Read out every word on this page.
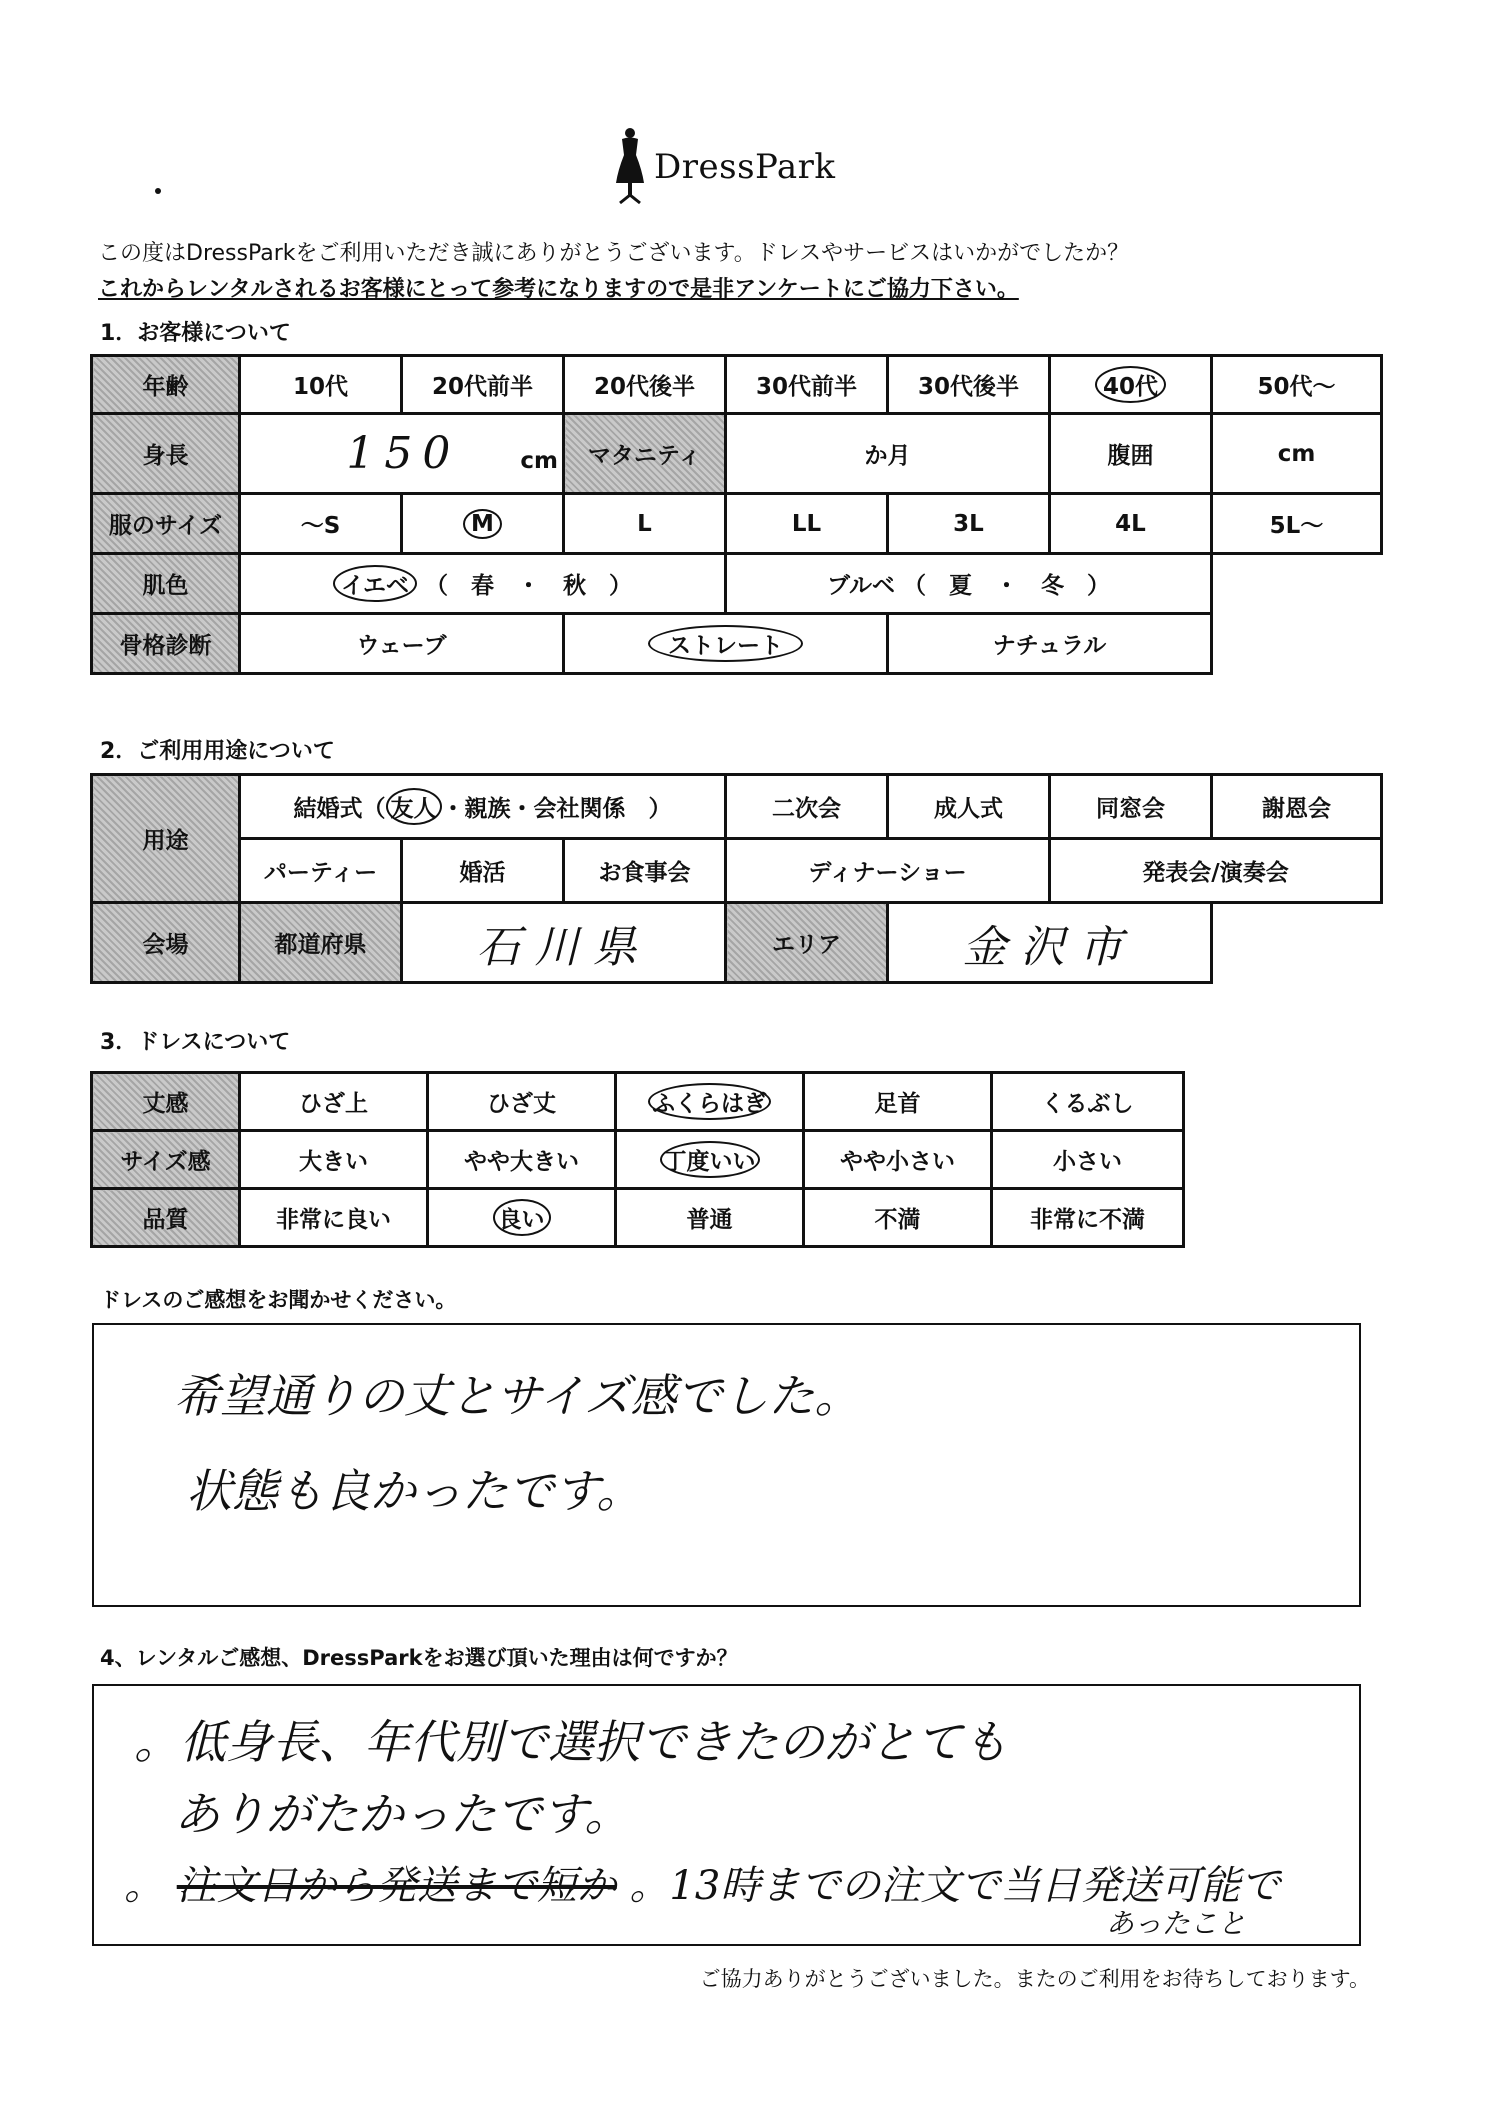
DressPark
この度はDressParkをご利用いただき誠にありがとうございます。ドレスやサービスはいかがでしたか？
これからレンタルされるお客様にとって参考になりますので是非アンケートにご協力下さい。
1．お客様について
年齢	10代	20代前半	20代後半	30代前半	30代後半	40代	50代～
身長	150 cm		マタニティ	か月		腹囲	cm
服のサイズ	～S	M	L	LL	3L	4L	5L～
肌色	イエベ （　春　・　秋　）			ブルベ （　夏　・　冬　）			
骨格診断	ウェーブ		ストレート		ナチュラル		
2．ご利用用途について
用途	結婚式（ 友人 ・親族・会社関係　）			二次会	成人式	同窓会	謝恩会
	パーティー	婚活	お食事会	ディナーショー		発表会/演奏会	
会場	都道府県	石川県		エリア	金沢市		
3．ドレスについて
丈感	ひざ上	ひざ丈	ふくらはぎ	足首	くるぶし
サイズ感	大きい	やや大きい	丁度いい	やや小さい	小さい
品質	非常に良い	良い	普通	不満	非常に不満
ドレスのご感想をお聞かせください。
希望通りの丈とサイズ感でした。
状態も良かったです。
4、レンタルご感想、DressParkをお選び頂いた理由は何ですか？
。低身長、年代別で選択できたのがとても
ありがたかったです。
。 注文日から発送まで短か 。13時までの注文で当日発送可能で
あったこと
ご協力ありがとうございました。またのご利用をお待ちしております。
